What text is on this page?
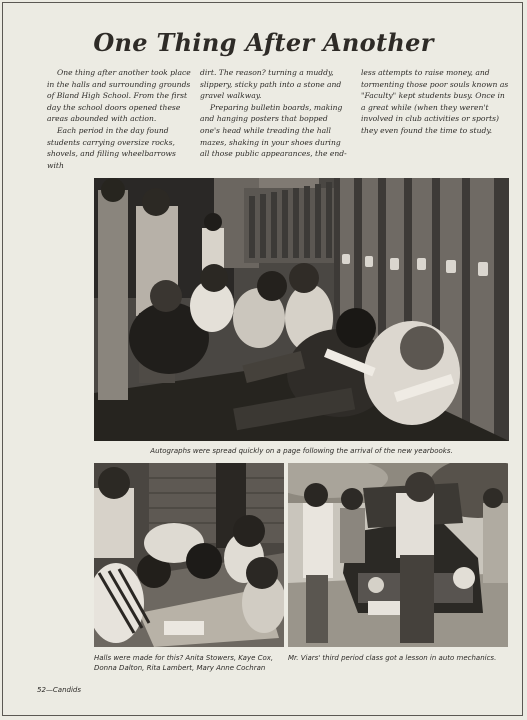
One Thing After Another

One thing after another took place in the halls and surrounding grounds of Bland High School. From the first day the school doors opened these areas abounded with action.

Each period in the day found students carrying oversize rocks, shovels, and filling wheelbarrows with

dirt. The reason? turning a muddy, slippery, sticky path into a stone and gravel walkway.

Preparing bulletin boards, making and hanging posters that bopped one's head while treading the hall mazes, shaking in your shoes during all those public appearances, the end-

less attempts to raise money, and tormenting those poor souls known as "Faculty" kept students busy. Once in a great while (when they weren't involved in club activities or sports) they even found the time to study.

Autographs were spread quickly on a page following the arrival of the new yearbooks.
Halls were made for this? Anita Stowers, Kaye Cox, Donna Dalton, Rita Lambert, Mary Anne Cochran
Mr. Viars' third period class got a lesson in auto mechanics.
52—Candids
